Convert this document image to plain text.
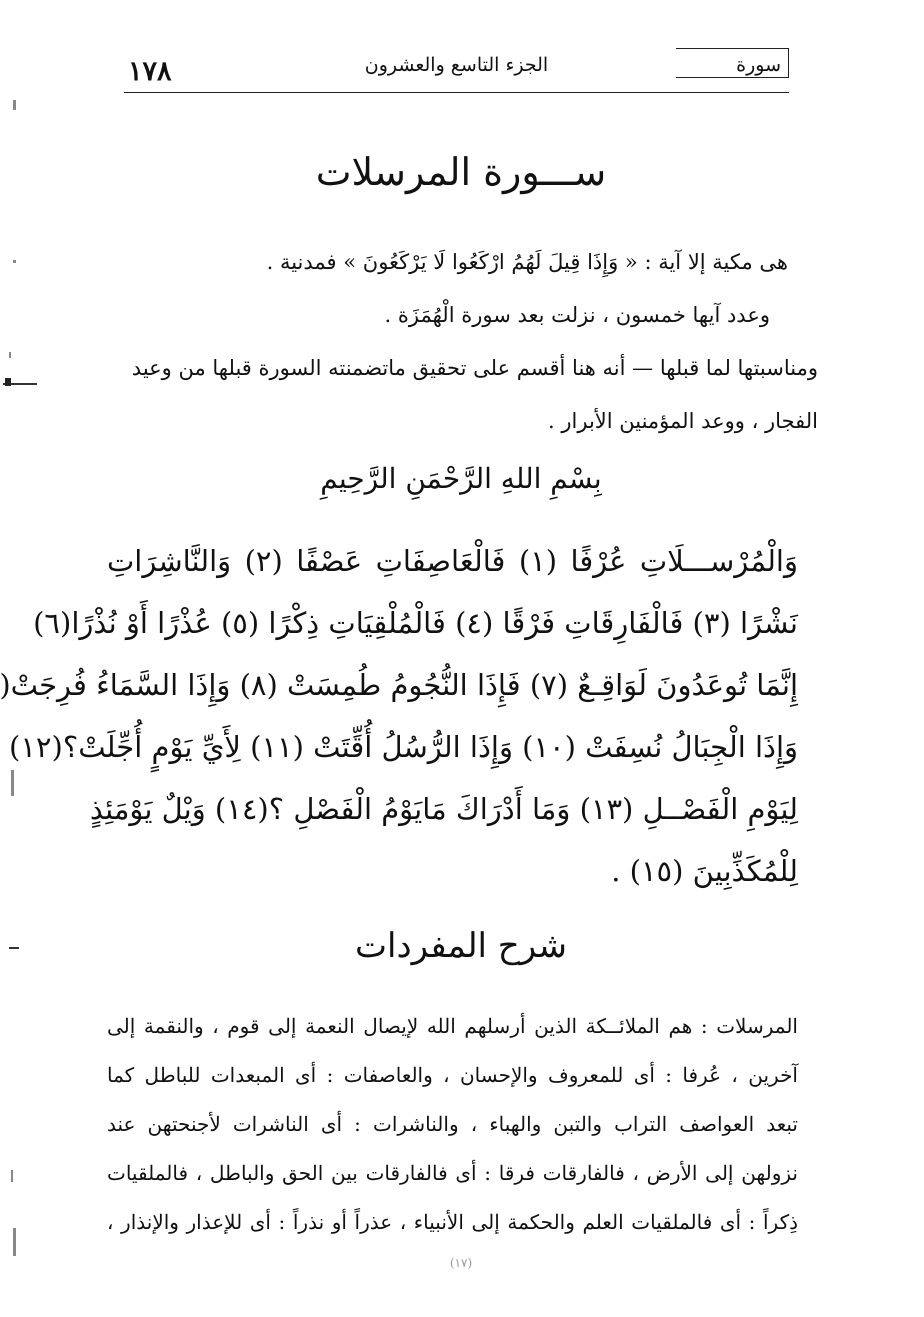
١٧٨	الجزء التاسع والعشرون	سورة
ســـورة المرسلات

هى مكية إلا آية : « وَإِذَا قِيلَ لَهُمُ ارْكَعُوا لَا يَرْكَعُونَ » فمدنية .

وعدد آيها خمسون ، نزلت بعد سورة الْهُمَزَة .

ومناسبتها لما قبلها — أنه هنا أقسم على تحقيق ماتضمنته السورة قبلها من وعيد

الفجار ، ووعد المؤمنين الأبرار .

بِسْمِ اللهِ الرَّحْمَنِ الرَّحِيمِ
وَالْمُرْســـلَاتِ عُرْفًا (١) فَالْعَاصِفَاتِ عَصْفًا (٢) وَالنَّاشِرَاتِ
نَشْرًا (٣) فَالْفَارِقَاتِ فَرْقًا (٤) فَالْمُلْقِيَاتِ ذِكْرًا (٥) عُذْرًا أَوْ نُذْرًا(٦)
إِنَّمَا تُوعَدُونَ لَوَاقِـعٌ (٧) فَإِذَا النُّجُومُ طُمِسَتْ (٨) وَإِذَا السَّمَاءُ فُرِجَتْ(
وَإِذَا الْجِبَالُ نُسِفَتْ (١٠) وَإِذَا الرُّسُلُ أُقِّتَتْ (١١) لِأَيِّ يَوْمٍ أُجِّلَتْ؟(١٢)
لِيَوْمِ الْفَصْــلِ (١٣) وَمَا أَدْرَاكَ مَايَوْمُ الْفَصْلِ ؟(١٤) وَيْلٌ يَوْمَئِذٍ
لِلْمُكَذِّبِينَ (١٥) .
شرح المفردات
المرسلات : هم الملائــكة الذين أرسلهم الله لإيصال النعمة إلى قوم ، والنقمة إلى
آخرين ، عُرفا : أى للمعروف والإحسان ، والعاصفات : أى المبعدات للباطل كما
تبعد العواصف التراب والتبن والهباء ، والناشرات : أى الناشرات لأجنحتهن عند
نزولهن إلى الأرض ، فالفارقات فرقا : أى فالفارقات بين الحق والباطل ، فالملقيات
ذِكراً : أى فالملقيات العلم والحكمة إلى الأنبياء ، عذراً أو نذراً : أى للإعذار والإنذار ،
(١٧)
